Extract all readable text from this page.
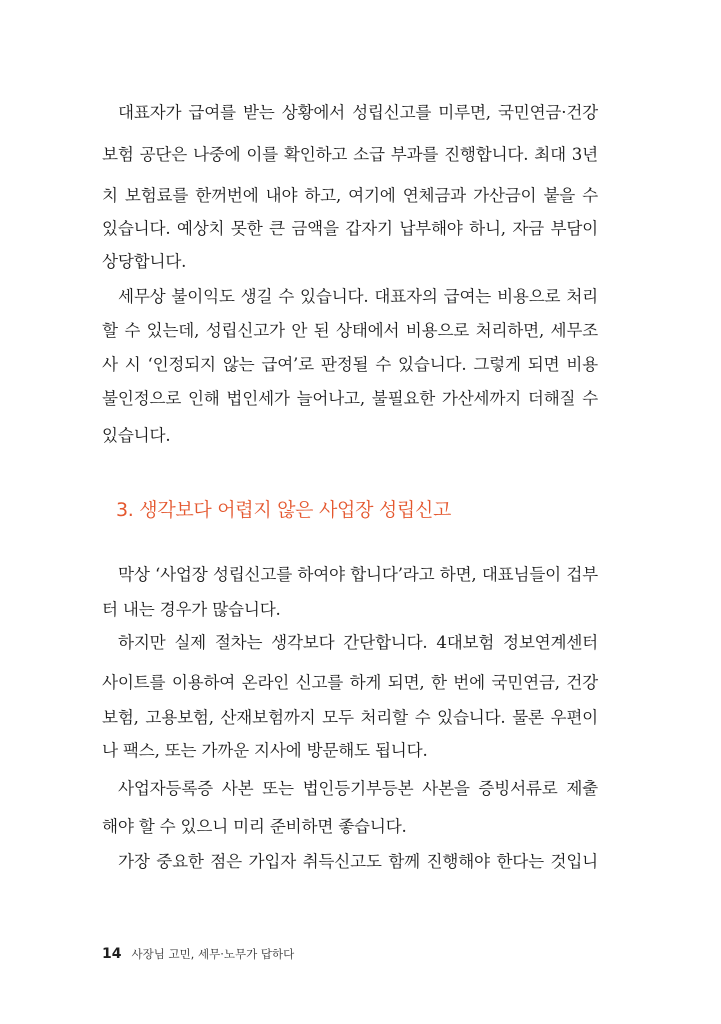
대표자가 급여를 받는 상황에서 성립신고를 미루면, 국민연금·건강
보험 공단은 나중에 이를 확인하고 소급 부과를 진행합니다. 최대 3년
치 보험료를 한꺼번에 내야 하고, 여기에 연체금과 가산금이 붙을 수
있습니다. 예상치 못한 큰 금액을 갑자기 납부해야 하니, 자금 부담이
상당합니다.
세무상 불이익도 생길 수 있습니다. 대표자의 급여는 비용으로 처리
할 수 있는데, 성립신고가 안 된 상태에서 비용으로 처리하면, 세무조
사 시 ‘인정되지 않는 급여’로 판정될 수 있습니다. 그렇게 되면 비용
불인정으로 인해 법인세가 늘어나고, 불필요한 가산세까지 더해질 수
있습니다.
3. 생각보다 어렵지 않은 사업장 성립신고
막상 ‘사업장 성립신고를 하여야 합니다’라고 하면, 대표님들이 겁부
터 내는 경우가 많습니다.
하지만 실제 절차는 생각보다 간단합니다. 4대보험 정보연계센터
사이트를 이용하여 온라인 신고를 하게 되면, 한 번에 국민연금, 건강
보험, 고용보험, 산재보험까지 모두 처리할 수 있습니다. 물론 우편이
나 팩스, 또는 가까운 지사에 방문해도 됩니다.
사업자등록증 사본 또는 법인등기부등본 사본을 증빙서류로 제출
해야 할 수 있으니 미리 준비하면 좋습니다.
가장 중요한 점은 가입자 취득신고도 함께 진행해야 한다는 것입니
14 사장님 고민, 세무·노무가 답하다
